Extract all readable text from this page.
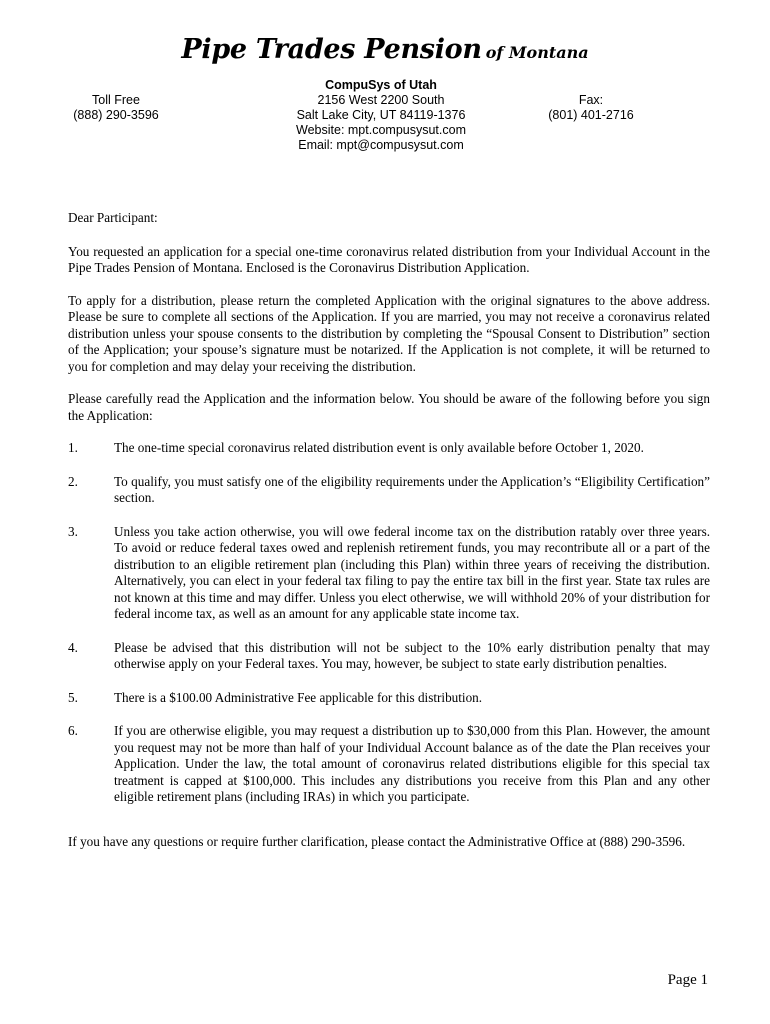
Pipe Trades Pension of Montana
Toll Free
(888) 290-3596
CompuSys of Utah
2156 West 2200 South
Salt Lake City, UT 84119-1376
Website: mpt.compusysut.com
Email: mpt@compusysut.com
Fax:
(801) 401-2716

Dear Participant:

You requested an application for a special one-time coronavirus related distribution from your Individual Account in the Pipe Trades Pension of Montana. Enclosed is the Coronavirus Distribution Application.

To apply for a distribution, please return the completed Application with the original signatures to the above address. Please be sure to complete all sections of the Application. If you are married, you may not receive a coronavirus related distribution unless your spouse consents to the distribution by completing the “Spousal Consent to Distribution” section of the Application; your spouse’s signature must be notarized. If the Application is not complete, it will be returned to you for completion and may delay your receiving the distribution.

Please carefully read the Application and the information below. You should be aware of the following before you sign the Application:

1.	The one-time special coronavirus related distribution event is only available before October 1, 2020.
2.	To qualify, you must satisfy one of the eligibility requirements under the Application’s “Eligibility Certification” section.
3.	Unless you take action otherwise, you will owe federal income tax on the distribution ratably over three years. To avoid or reduce federal taxes owed and replenish retirement funds, you may recontribute all or a part of the distribution to an eligible retirement plan (including this Plan) within three years of receiving the distribution. Alternatively, you can elect in your federal tax filing to pay the entire tax bill in the first year. State tax rules are not known at this time and may differ. Unless you elect otherwise, we will withhold 20% of your distribution for federal income tax, as well as an amount for any applicable state income tax.
4.	Please be advised that this distribution will not be subject to the 10% early distribution penalty that may otherwise apply on your Federal taxes. You may, however, be subject to state early distribution penalties.
5.	There is a $100.00 Administrative Fee applicable for this distribution.
6.	If you are otherwise eligible, you may request a distribution up to $30,000 from this Plan. However, the amount you request may not be more than half of your Individual Account balance as of the date the Plan receives your Application. Under the law, the total amount of coronavirus related distributions eligible for this special tax treatment is capped at $100,000. This includes any distributions you receive from this Plan and any other eligible retirement plans (including IRAs) in which you participate.

If you have any questions or require further clarification, please contact the Administrative Office at (888) 290-3596.

Page 1
